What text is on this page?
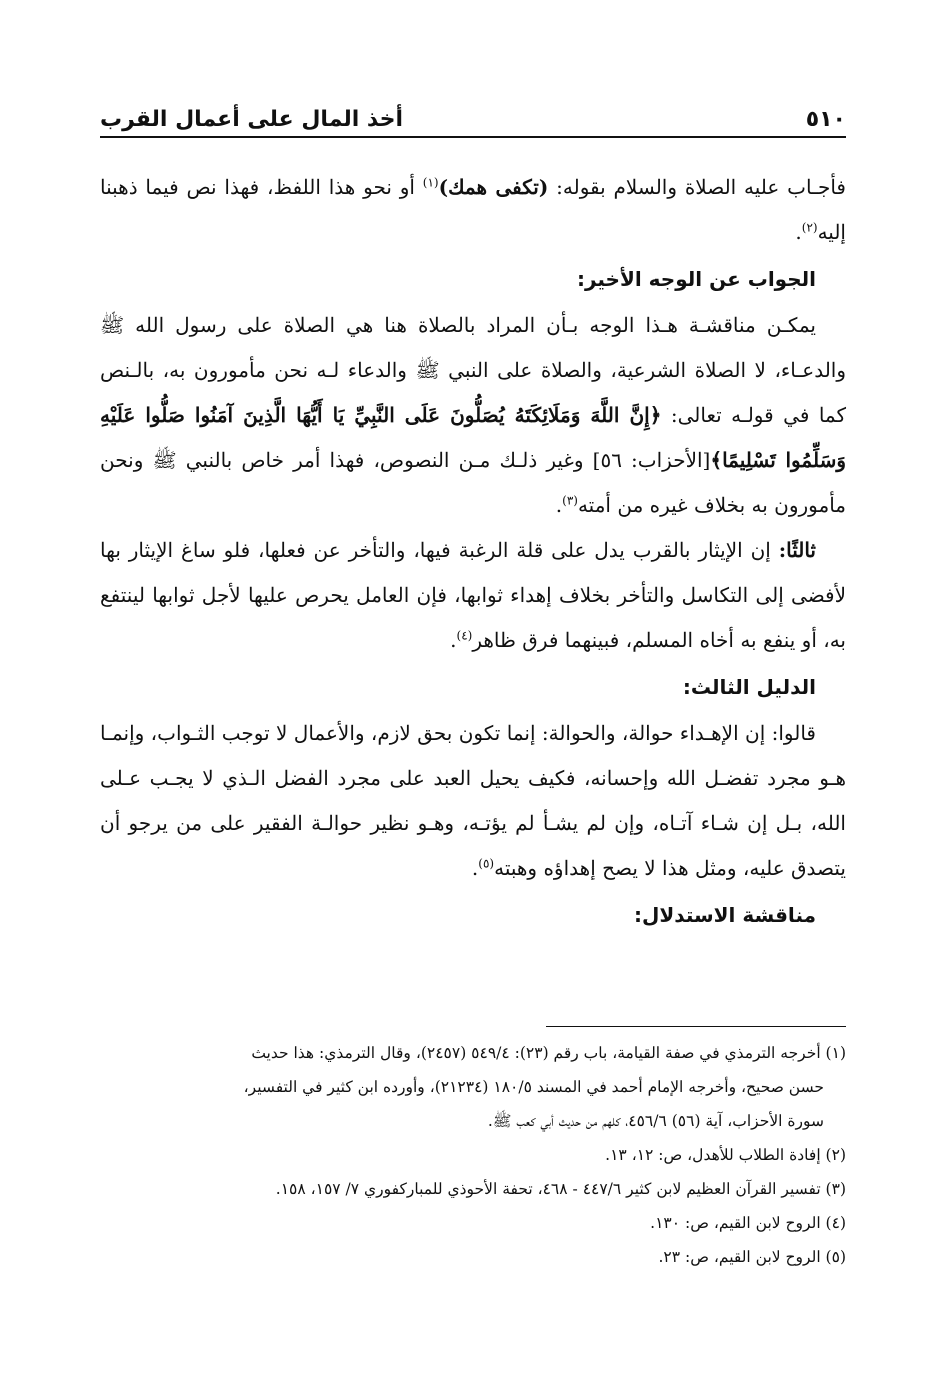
٥١٠
أخذ المال على أعمال القرب

فأجـاب عليه الصلاة والسلام بقوله: (تكفى همك)$^{(١)}$ أو نحو هذا اللفظ، فهذا نص فيما ذهبنا إليه$^{(٢)}$.

الجواب عن الوجه الأخير:

يمكـن مناقشـة هـذا الوجه بـأن المراد بالصلاة هنا هي الصلاة على رسول الله ﷺ والدعـاء، لا الصلاة الشرعية، والصلاة على النبي ﷺ والدعاء لـه نحن مأمورون به، بالـنص كما في قولـه تعالى: ﴿إِنَّ اللَّهَ وَمَلَائِكَتَهُ يُصَلُّونَ عَلَى النَّبِيِّ يَا أَيُّهَا الَّذِينَ آمَنُوا صَلُّوا عَلَيْهِ وَسَلِّمُوا تَسْلِيمًا﴾[الأحزاب: ٥٦] وغير ذلـك مـن النصوص، فهذا أمر خاص بالنبي ﷺ ونحن مأمورون به بخلاف غيره من أمته$^{(٣)}$.

ثالثًا: إن الإيثار بالقرب يدل على قلة الرغبة فيها، والتأخر عن فعلها، فلو ساغ الإيثار بها لأفضى إلى التكاسل والتأخر بخلاف إهداء ثوابها، فإن العامل يحرص عليها لأجل ثوابها لينتفع به، أو ينفع به أخاه المسلم، فبينهما فرق ظاهر$^{(٤)}$.

الدليل الثالث:

قالوا: إن الإهـداء حوالة، والحوالة: إنما تكون بحق لازم، والأعمال لا توجب الثـواب، وإنمـا هـو مجرد تفضـل الله وإحسانه، فكيف يحيل العبد على مجرد الفضل الـذي لا يجـب عـلى الله، بـل إن شـاء آتـاه، وإن لم يشـأ لم يؤتـه، وهـو نظير حوالـة الفقير على من يرجو أن يتصدق عليه، ومثل هذا لا يصح إهداؤه وهبته$^{(٥)}$.

مناقشة الاستدلال:

(١) أخرجه الترمذي في صفة القيامة، باب رقم (٢٣): ٥٤٩/٤ (٢٤٥٧)، وقال الترمذي: هذا حديث

حسن صحيح، وأخرجه الإمام أحمد في المسند ١٨٠/٥ (٢١٢٣٤)، وأورده ابن كثير في التفسير،

سورة الأحزاب، آية (٥٦) ٤٥٦/٦، كلهم من حديث أبي كعب ﷺ.

(٢) إفادة الطلاب للأهدل، ص: ١٢، ١٣.

(٣) تفسير القرآن العظيم لابن كثير ٤٤٧/٦ - ٤٦٨، تحفة الأحوذي للمباركفوري ٧/ ١٥٧، ١٥٨.

(٤) الروح لابن القيم، ص: ١٣٠.

(٥) الروح لابن القيم، ص: ٢٣.
